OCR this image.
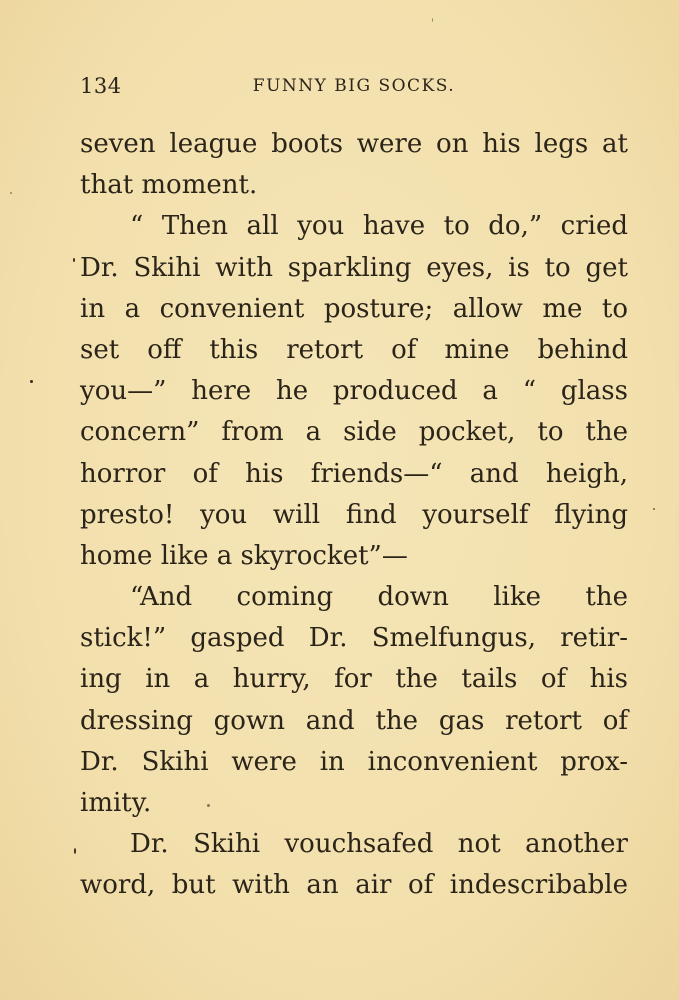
134	FUNNY BIG SOCKS.
seven league boots were on his legs at
that moment.
“ Then all you have to do,” cried
Dr. Skihi with sparkling eyes, is to get
in a convenient posture; allow me to
set off this retort of mine behind
you—” here he produced a “ glass
concern” from a side pocket, to the
horror of his friends—“ and heigh,
presto! you will find yourself flying
home like a skyrocket”—
“And coming down like the
stick!” gasped Dr. Smelfungus, retir-
ing in a hurry, for the tails of his
dressing gown and the gas retort of
Dr. Skihi were in inconvenient prox-
imity.
Dr. Skihi vouchsafed not another
word, but with an air of indescribable
